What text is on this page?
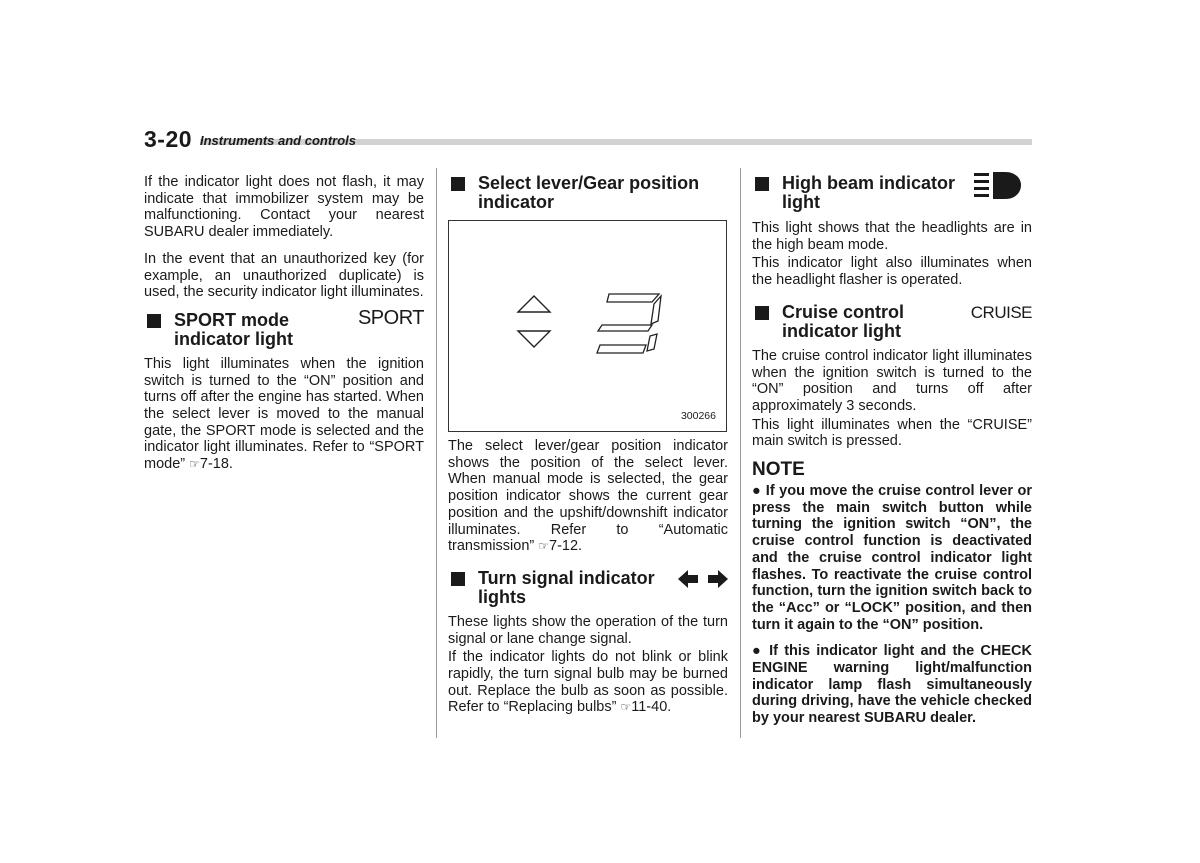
3-20 Instruments and controls

If the indicator light does not flash, it may indicate that immobilizer system may be malfunctioning. Contact your nearest SUBARU dealer immediately.

In the event that an unauthorized key (for example, an unauthorized duplicate) is used, the security indicator light illuminates.

SPORT mode indicator light
SPORT

This light illuminates when the ignition switch is turned to the “ON” position and turns off after the engine has started. When the select lever is moved to the manual gate, the SPORT mode is selected and the indicator light illuminates. Refer to “SPORT mode” ☞7-18.

Select lever/Gear position indicator
300266

The select lever/gear position indicator shows the position of the select lever. When manual mode is selected, the gear position indicator shows the current gear position and the upshift/downshift indicator illuminates. Refer to “Automatic transmission” ☞7-12.

Turn signal indicator lights

These lights show the operation of the turn signal or lane change signal.

If the indicator lights do not blink or blink rapidly, the turn signal bulb may be burned out. Replace the bulb as soon as possible. Refer to “Replacing bulbs” ☞11-40.

High beam indicator light

This light shows that the headlights are in the high beam mode.

This indicator light also illuminates when the headlight flasher is operated.

Cruise control indicator light
CRUISE

The cruise control indicator light illuminates when the ignition switch is turned to the “ON” position and turns off after approximately 3 seconds.

This light illuminates when the “CRUISE” main switch is pressed.

NOTE

● If you move the cruise control lever or press the main switch button while turning the ignition switch “ON”, the cruise control function is deactivated and the cruise control indicator light flashes. To reactivate the cruise control function, turn the ignition switch back to the “Acc” or “LOCK” position, and then turn it again to the “ON” position.

● If this indicator light and the CHECK ENGINE warning light/malfunction indicator lamp flash simultaneously during driving, have the vehicle checked by your nearest SUBARU dealer.
